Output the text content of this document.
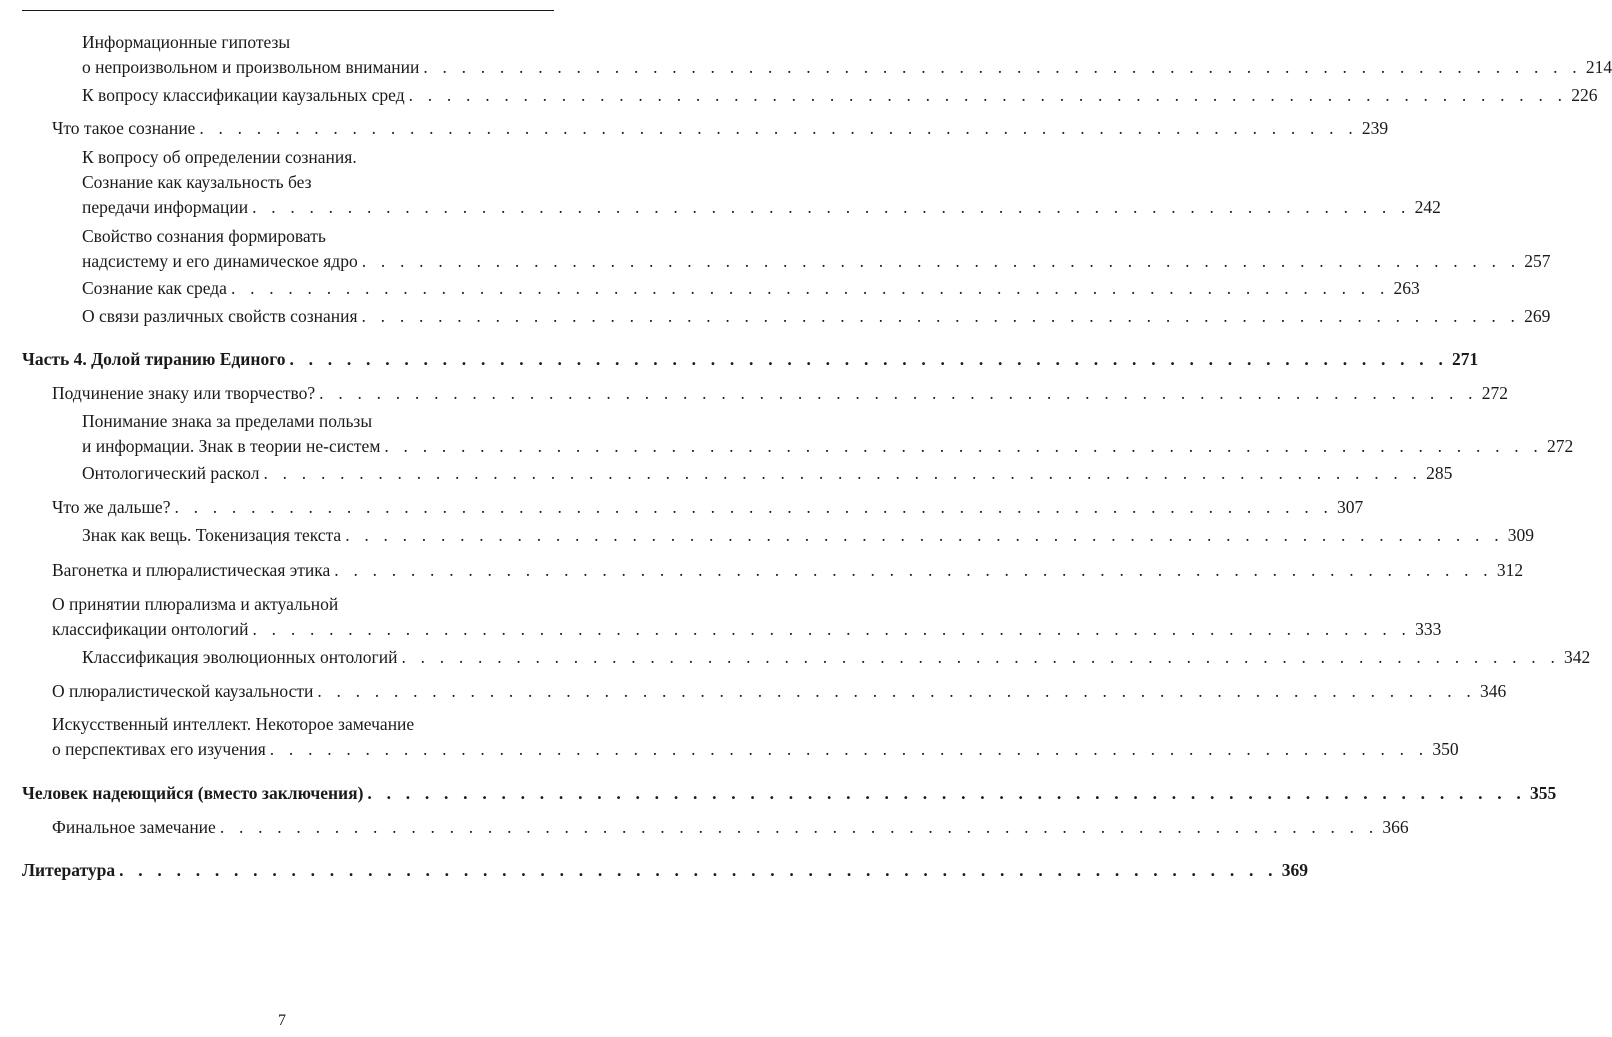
Информационные гипотезы
о непроизвольном и произвольном внимании . . . . . . . . . . . . . . . . . . . . . . . . . . . . . . . . . . . . . . . . . . . . . . . . . . . . . . . . . . . . . 214
К вопросу классификации каузальных сред . . . . . . . . . . . . . . . . . . . . . . . . . . . . . . . . . . . . . . . . . . . . . . . . . . . . . . . . . . . . . 226
Что такое сознание . . . . . . . . . . . . . . . . . . . . . . . . . . . . . . . . . . . . . . . . . . . . . . . . . . . . . . . . . . . . . 239
К вопросу об определении сознания.
Сознание как каузальность без
передачи информации . . . . . . . . . . . . . . . . . . . . . . . . . . . . . . . . . . . . . . . . . . . . . . . . . . . . . . . . . . . . . 242
Свойство сознания формировать
надсистему и его динамическое ядро . . . . . . . . . . . . . . . . . . . . . . . . . . . . . . . . . . . . . . . . . . . . . . . . . . . . . . . . . . . . . 257
Сознание как среда . . . . . . . . . . . . . . . . . . . . . . . . . . . . . . . . . . . . . . . . . . . . . . . . . . . . . . . . . . . . . 263
О связи различных свойств сознания . . . . . . . . . . . . . . . . . . . . . . . . . . . . . . . . . . . . . . . . . . . . . . . . . . . . . . . . . . . . . 269
Часть 4. Долой тиранию Единого . . . . . . . . . . . . . . . . . . . . . . . . . . . . . . . . . . . . . . . . . . . . . . . . . . . . . . . . . . . . . 271
Подчинение знаку или творчество? . . . . . . . . . . . . . . . . . . . . . . . . . . . . . . . . . . . . . . . . . . . . . . . . . . . . . . . . . . . . . 272
Понимание знака за пределами пользы
и информации. Знак в теории не-систем . . . . . . . . . . . . . . . . . . . . . . . . . . . . . . . . . . . . . . . . . . . . . . . . . . . . . . . . . . . . . 272
Онтологический раскол . . . . . . . . . . . . . . . . . . . . . . . . . . . . . . . . . . . . . . . . . . . . . . . . . . . . . . . . . . . . . 285
Что же дальше? . . . . . . . . . . . . . . . . . . . . . . . . . . . . . . . . . . . . . . . . . . . . . . . . . . . . . . . . . . . . . 307
Знак как вещь. Токенизация текста . . . . . . . . . . . . . . . . . . . . . . . . . . . . . . . . . . . . . . . . . . . . . . . . . . . . . . . . . . . . . 309
Вагонетка и плюралистическая этика . . . . . . . . . . . . . . . . . . . . . . . . . . . . . . . . . . . . . . . . . . . . . . . . . . . . . . . . . . . . . 312
О принятии плюрализма и актуальной
классификации онтологий . . . . . . . . . . . . . . . . . . . . . . . . . . . . . . . . . . . . . . . . . . . . . . . . . . . . . . . . . . . . . 333
Классификация эволюционных онтологий . . . . . . . . . . . . . . . . . . . . . . . . . . . . . . . . . . . . . . . . . . . . . . . . . . . . . . . . . . . . . 342
О плюралистической каузальности . . . . . . . . . . . . . . . . . . . . . . . . . . . . . . . . . . . . . . . . . . . . . . . . . . . . . . . . . . . . . 346
Искусственный интеллект. Некоторое замечание
о перспективах его изучения . . . . . . . . . . . . . . . . . . . . . . . . . . . . . . . . . . . . . . . . . . . . . . . . . . . . . . . . . . . . . 350
Человек надеющийся (вместо заключения) . . . . . . . . . . . . . . . . . . . . . . . . . . . . . . . . . . . . . . . . . . . . . . . . . . . . . . . . . . . . . 355
Финальное замечание . . . . . . . . . . . . . . . . . . . . . . . . . . . . . . . . . . . . . . . . . . . . . . . . . . . . . . . . . . . . . 366
Литература . . . . . . . . . . . . . . . . . . . . . . . . . . . . . . . . . . . . . . . . . . . . . . . . . . . . . . . . . . . . . 369
7
